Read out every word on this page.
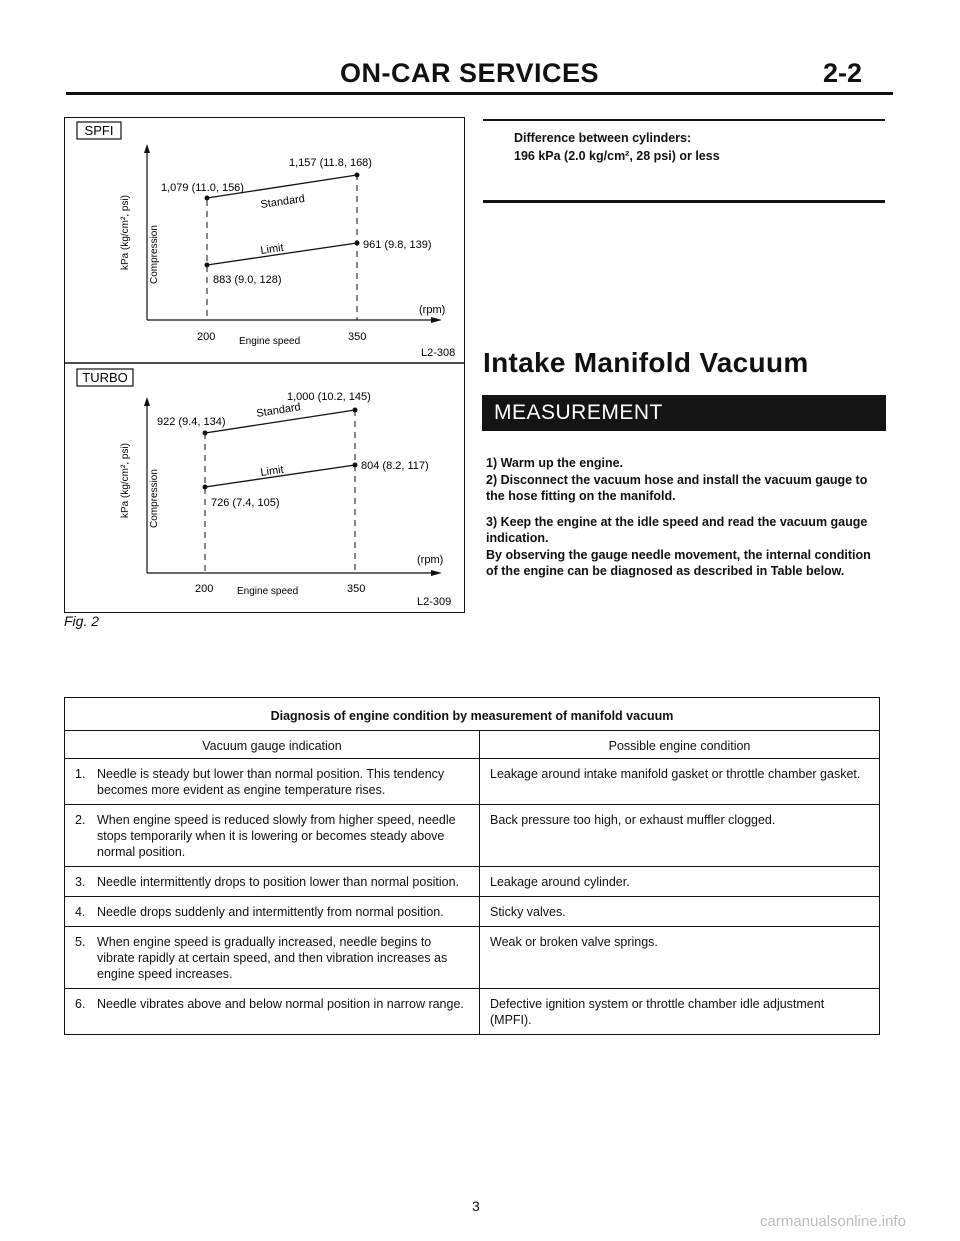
ON-CAR SERVICES	2-2
SPFI
kPa (kg/cm², psi) Compression
1,079 (11.0, 156)
1,157 (11.8, 168)
Standard
Limit	961 (9.8, 139)
883 (9.0, 128)
(rpm)
200	350
Engine speed
L2-308
TURBO
kPa (kg/cm², psi) Compression
922 (9.4, 134)
1,000 (10.2, 145)
Standard
Limit	804 (8.2, 117)
726 (7.4, 105)
(rpm)
200	350
Engine speed
L2-309
Fig. 2
Difference between cylinders:
196 kPa (2.0 kg/cm², 28 psi) or less
Intake Manifold Vacuum
MEASUREMENT

1) Warm up the engine.

2) Disconnect the vacuum hose and install the vacuum gauge to the hose fitting on the manifold.

3) Keep the engine at the idle speed and read the vacuum gauge indication.

By observing the gauge needle movement, the internal condition of the engine can be diagnosed as described in Table below.

Diagnosis of engine condition by measurement of manifold vacuum	
Vacuum gauge indication	Possible engine condition

1. Needle is steady but lower than normal position. This tendency becomes more evident as engine temperature rises.	Leakage around intake manifold gasket or throttle chamber gasket.

2. When engine speed is reduced slowly from higher speed, needle stops temporarily when it is lowering or becomes steady above normal position.	Back pressure too high, or exhaust muffler clogged.

3. Needle intermittently drops to position lower than normal position.	Leakage around cylinder.

4. Needle drops suddenly and intermittently from normal position.	Sticky valves.

5. When engine speed is gradually increased, needle begins to vibrate rapidly at certain speed, and then vibration increases as engine speed increases.	Weak or broken valve springs.

6. Needle vibrates above and below normal position in narrow range.	Defective ignition system or throttle chamber idle adjustment (MPFI).
3
carmanualsonline.info
